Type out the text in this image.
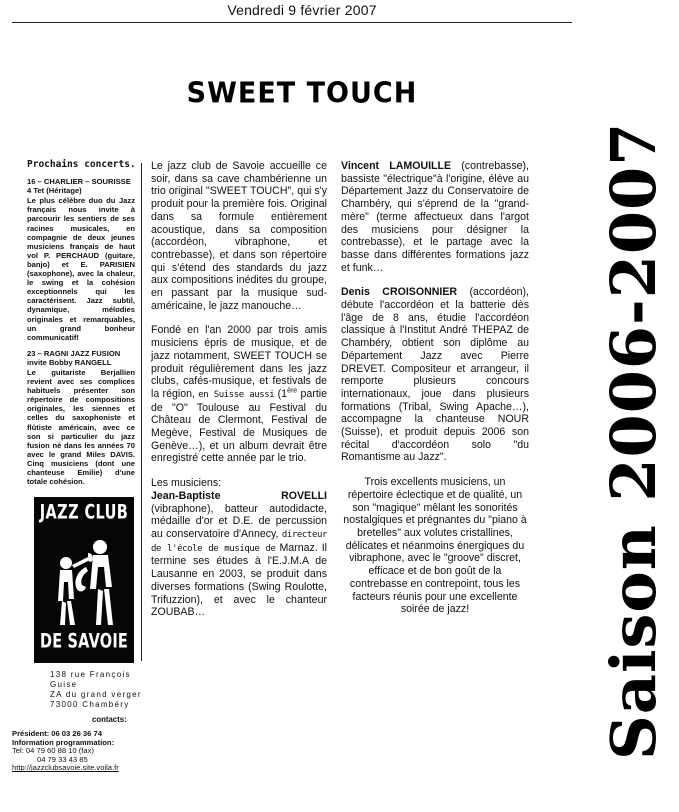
Vendredi 9 février 2007
SWEET TOUCH
Prochains concerts.
16 – CHARLIER – SOURISSE 4 Tet (Héritage)
Le plus célèbre duo du Jazz français nous invite à parcourir les sentiers de ses racines musicales, en compagnie de deux jeunes musiciens français de haut vol P. PERCHAUD (guitare, banjo) et E. PARISIEN (saxophone), avec la chaleur, le swing et la cohésion exceptionnels qui les caractérisent. Jazz subtil, dynamique, mélodies originales et remarquables, un grand bonheur communicatif!
23 – RAGNI JAZZ FUSION invite Bobby RANGELL
Le guitariste Berjallien revient avec ses complices habituels présenter son répertoire de compositions originales, les siennes et celles du saxophoniste et flûtiste américain, avec ce son si particulier du jazz fusion né dans les années 70 avec le grand Miles DAVIS. Cinq musiciens (dont une chanteuse Emilie) d'une totale cohésion.
JAZZ CLUB
DE SAVOIE
138 rue François Guise
ZA du grand verger
73000 Chambéry
contacts:
Président: 06 03 26 36 74
Information programmation:
Tel: 04 79 60 88 10 (fax)
04 79 33 43 85
http://jazzclubsavoie.site.voila.fr

Le jazz club de Savoie accueille ce soir, dans sa cave chambérienne un trio original "SWEET TOUCH", qui s'y produit pour la première fois. Original dans sa formule entièrement acoustique, dans sa composition (accordéon, vibraphone, et contrebasse), et dans son répertoire qui s'étend des standards du jazz aux compositions inédites du groupe, en passant par la musique sud-américaine, le jazz manouche…

Fondé en l'an 2000 par trois amis musiciens épris de musique, et de jazz notamment, SWEET TOUCH se produit régulièrement dans les jazz clubs, cafés-musique, et festivals de la région, en Suisse aussi (1ère partie de "O" Toulouse au Festival du Château de Clermont, Festival de Megève, Festival de Musiques de Genève…), et un album devrait être enregistré cette année par le trio.

Les musiciens:
Jean-Baptiste ROVELLI (vibraphone), batteur autodidacte, médaille d'or et D.E. de percussion au conservatoire d'Annecy, directeur de l'école de musique de Marnaz. Il termine ses études à l'E.J.M.A de Lausanne en 2003, se produit dans diverses formations (Swing Roulotte, Trifuzzion), et avec le chanteur ZOUBAB…

Vincent LAMOUILLE (contrebasse), bassiste "électrique"à l'origine, élève au Département Jazz du Conservatoire de Chambéry, qui s'éprend de la "grand-mère" (terme affectueux dans l'argot des musiciens pour désigner la contrebasse), et le partage avec la basse dans différentes formations jazz et funk…

Denis CROISONNIER (accordéon), débute l'accordéon et la batterie dès l'âge de 8 ans, étudie l'accordéon classique à l'Institut André THEPAZ de Chambéry, obtient son diplôme au Département Jazz avec Pierre DREVET. Compositeur et arrangeur, il remporte plusieurs concours internationaux, joue dans plusieurs formations (Tribal, Swing Apache…), accompagne la chanteuse NOUR (Suisse), et produit depuis 2006 son récital d'accordéon solo "du Romantisme au Jazz".

Trois excellents musiciens, un répertoire éclectique et de qualité, un son "magique" mêlant les sonorités nostalgiques et prégnantes du "piano à bretelles" aux volutes cristallines, délicates et néanmoins énergiques du vibraphone, avec le "groove" discret, efficace et de bon goût de la contrebasse en contrepoint, tous les facteurs réunis pour une excellente soirée de jazz!	Saison 2006-2007
